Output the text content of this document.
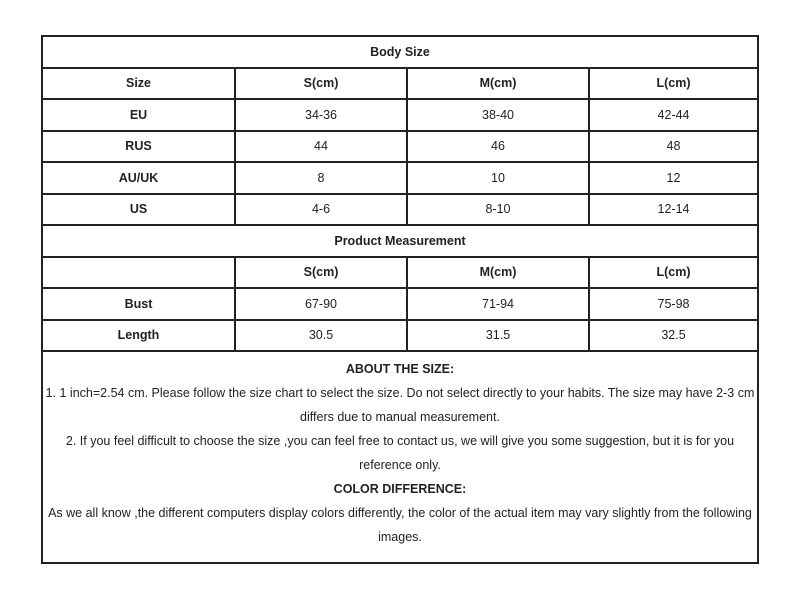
Body Size			
Size	S(cm)	M(cm)	L(cm)
EU	34-36	38-40	42-44
RUS	44	46	48
AU/UK	8	10	12
US	4-6	8-10	12-14
Product Measurement			
	S(cm)	M(cm)	L(cm)
Bust	67-90	71-94	75-98
Length	30.5	31.5	32.5

ABOUT THE SIZE:

1. 1 inch=2.54 cm. Please follow the size chart to select the size. Do not select directly to your habits. The size may have 2-3 cm differs due to manual measurement.

2. If you feel difficult to choose the size ,you can feel free to contact us, we will give you some suggestion, but it is for you reference only.

COLOR DIFFERENCE:

As we all know ,the different computers display colors differently, the color of the actual item may vary slightly from the following images.
